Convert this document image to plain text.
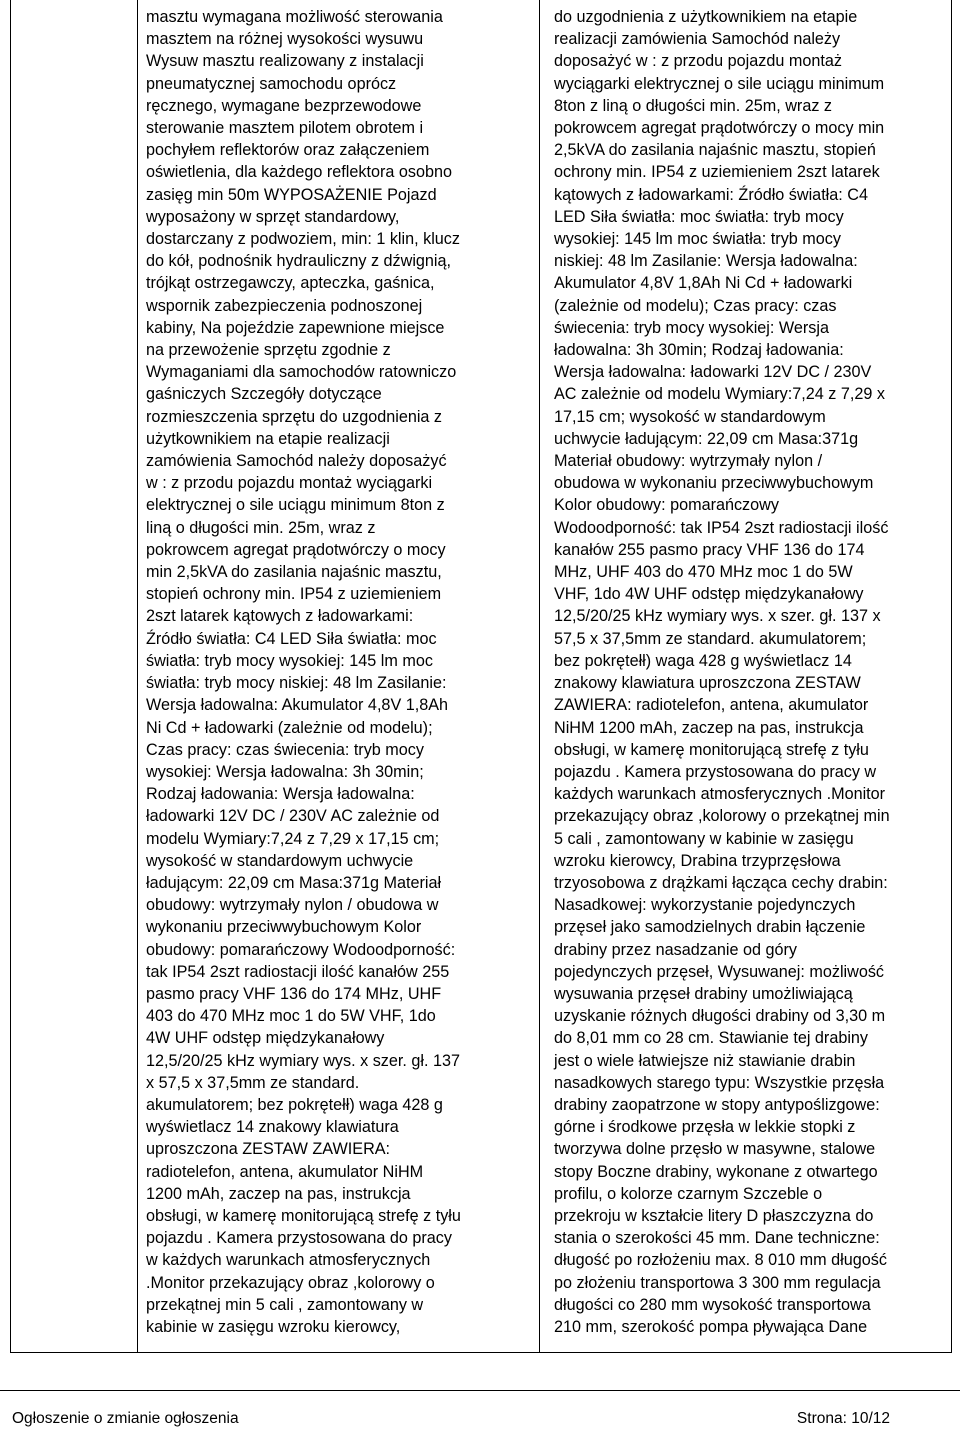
masztu wymagana możliwość sterowania
masztem na różnej wysokości wysuwu
Wysuw masztu realizowany z instalacji
pneumatycznej samochodu oprócz
ręcznego, wymagane bezprzewodowe
sterowanie masztem pilotem obrotem i
pochyłem reflektorów oraz załączeniem
oświetlenia, dla każdego reflektora osobno
zasięg min 50m WYPOSAŻENIE Pojazd
wyposażony w sprzęt standardowy,
dostarczany z podwoziem, min: 1 klin, klucz
do kół, podnośnik hydrauliczny z dźwignią,
trójkąt ostrzegawczy, apteczka, gaśnica,
wspornik zabezpieczenia podnoszonej
kabiny, Na pojeździe zapewnione miejsce
na przewożenie sprzętu zgodnie z
Wymaganiami dla samochodów ratowniczo
gaśniczych Szczegóły dotyczące
rozmieszczenia sprzętu do uzgodnienia z
użytkownikiem na etapie realizacji
zamówienia Samochód należy doposażyć
w : z przodu pojazdu montaż wyciągarki
elektrycznej o sile uciągu minimum 8ton z
liną o długości min. 25m, wraz z
pokrowcem agregat prądotwórczy o mocy
min 2,5kVA do zasilania najaśnic masztu,
stopień ochrony min. IP54 z uziemieniem
2szt latarek kątowych z ładowarkami:
Źródło światła: C4 LED Siła światła: moc
światła: tryb mocy wysokiej: 145 lm moc
światła: tryb mocy niskiej: 48 lm Zasilanie:
Wersja ładowalna: Akumulator 4,8V 1,8Ah
Ni Cd + ładowarki (zależnie od modelu);
Czas pracy: czas świecenia: tryb mocy
wysokiej: Wersja ładowalna: 3h 30min;
Rodzaj ładowania: Wersja ładowalna:
ładowarki 12V DC / 230V AC zależnie od
modelu Wymiary:7,24 z 7,29 x 17,15 cm;
wysokość w standardowym uchwycie
ładującym: 22,09 cm Masa:371g Materiał
obudowy: wytrzymały nylon / obudowa w
wykonaniu przeciwwybuchowym Kolor
obudowy: pomarańczowy Wodoodporność:
tak IP54 2szt radiostacji ilość kanałów 255
pasmo pracy VHF 136 do 174 MHz, UHF
403 do 470 MHz moc 1 do 5W VHF, 1do
4W UHF odstęp międzykanałowy
12,5/20/25 kHz wymiary wys. x szer. gł. 137
x 57,5 x 37,5mm ze standard.
akumulatorem; bez pokrętełł) waga 428 g
wyświetlacz 14 znakowy klawiatura
uproszczona ZESTAW ZAWIERA:
radiotelefon, antena, akumulator NiHM
1200 mAh, zaczep na pas, instrukcja
obsługi, w kamerę monitorującą strefę z tyłu
pojazdu . Kamera przystosowana do pracy
w każdych warunkach atmosferycznych
.Monitor przekazujący obraz ,kolorowy o
przekątnej min 5 cali , zamontowany w
kabinie w zasięgu wzroku kierowcy,

do uzgodnienia z użytkownikiem na etapie
realizacji zamówienia Samochód należy
doposażyć w : z przodu pojazdu montaż
wyciągarki elektrycznej o sile uciągu minimum
8ton z liną o długości min. 25m, wraz z
pokrowcem agregat prądotwórczy o mocy min
2,5kVA do zasilania najaśnic masztu, stopień
ochrony min. IP54 z uziemieniem 2szt latarek
kątowych z ładowarkami: Źródło światła: C4
LED Siła światła: moc światła: tryb mocy
wysokiej: 145 lm moc światła: tryb mocy
niskiej: 48 lm Zasilanie: Wersja ładowalna:
Akumulator 4,8V 1,8Ah Ni Cd + ładowarki
(zależnie od modelu); Czas pracy: czas
świecenia: tryb mocy wysokiej: Wersja
ładowalna: 3h 30min; Rodzaj ładowania:
Wersja ładowalna: ładowarki 12V DC / 230V
AC zależnie od modelu Wymiary:7,24 z 7,29 x
17,15 cm; wysokość w standardowym
uchwycie ładującym: 22,09 cm Masa:371g
Materiał obudowy: wytrzymały nylon /
obudowa w wykonaniu przeciwwybuchowym
Kolor obudowy: pomarańczowy
Wodoodporność: tak IP54 2szt radiostacji ilość
kanałów 255 pasmo pracy VHF 136 do 174
MHz, UHF 403 do 470 MHz moc 1 do 5W
VHF, 1do 4W UHF odstęp międzykanałowy
12,5/20/25 kHz wymiary wys. x szer. gł. 137 x
57,5 x 37,5mm ze standard. akumulatorem;
bez pokrętełł) waga 428 g wyświetlacz 14
znakowy klawiatura uproszczona ZESTAW
ZAWIERA: radiotelefon, antena, akumulator
NiHM 1200 mAh, zaczep na pas, instrukcja
obsługi, w kamerę monitorującą strefę z tyłu
pojazdu . Kamera przystosowana do pracy w
każdych warunkach atmosferycznych .Monitor
przekazujący obraz ,kolorowy o przekątnej min
5 cali , zamontowany w kabinie w zasięgu
wzroku kierowcy, Drabina trzyprzęsłowa
trzyosobowa z drążkami łącząca cechy drabin:
Nasadkowej: wykorzystanie pojedynczych
przęseł jako samodzielnych drabin łączenie
drabiny przez nasadzanie od góry
pojedynczych przęseł, Wysuwanej: możliwość
wysuwania przęseł drabiny umożliwiającą
uzyskanie różnych długości drabiny od 3,30 m
do 8,01 mm co 28 cm. Stawianie tej drabiny
jest o wiele łatwiejsze niż stawianie drabin
nasadkowych starego typu: Wszystkie przęsła
drabiny zaopatrzone w stopy antypoślizgowe:
górne i środkowe przęsła w lekkie stopki z
tworzywa dolne przęsło w masywne, stalowe
stopy Boczne drabiny, wykonane z otwartego
profilu, o kolorze czarnym Szczeble o
przekroju w kształcie litery D płaszczyzna do
stania o szerokości 45 mm. Dane techniczne:
długość po rozłożeniu max. 8 010 mm długość
po złożeniu transportowa 3 300 mm regulacja
długości co 280 mm wysokość transportowa
210 mm, szerokość pompa pływająca Dane

Ogłoszenie o zmianie ogłoszenia	Strona: 10/12
